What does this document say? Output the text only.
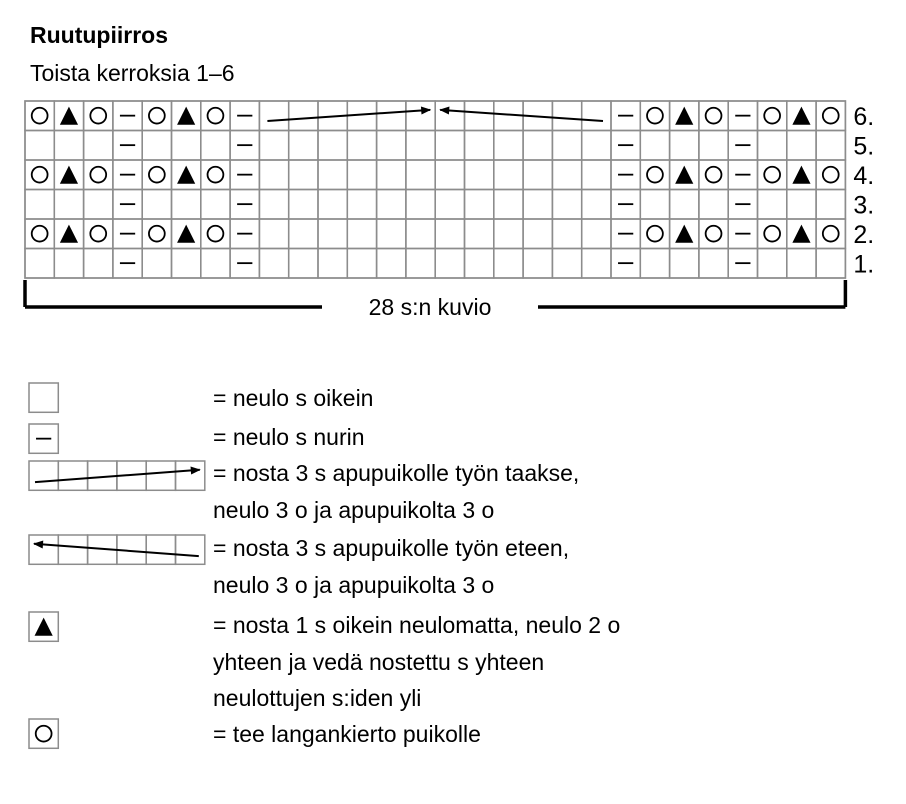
Ruutupiirros
Toista kerroksia 1–6
6.
5.
4.
3.
2.
1.
28 s:n kuvio
= neulo s oikein
= neulo s nurin
= nosta 3 s apupuikolle työn taakse,
neulo 3 o ja apupuikolta 3 o
= nosta 3 s apupuikolle työn eteen,
neulo 3 o ja apupuikolta 3 o
= nosta 1 s oikein neulomatta, neulo 2 o
yhteen ja vedä nostettu s yhteen
neulottujen s:iden yli
= tee langankierto puikolle
